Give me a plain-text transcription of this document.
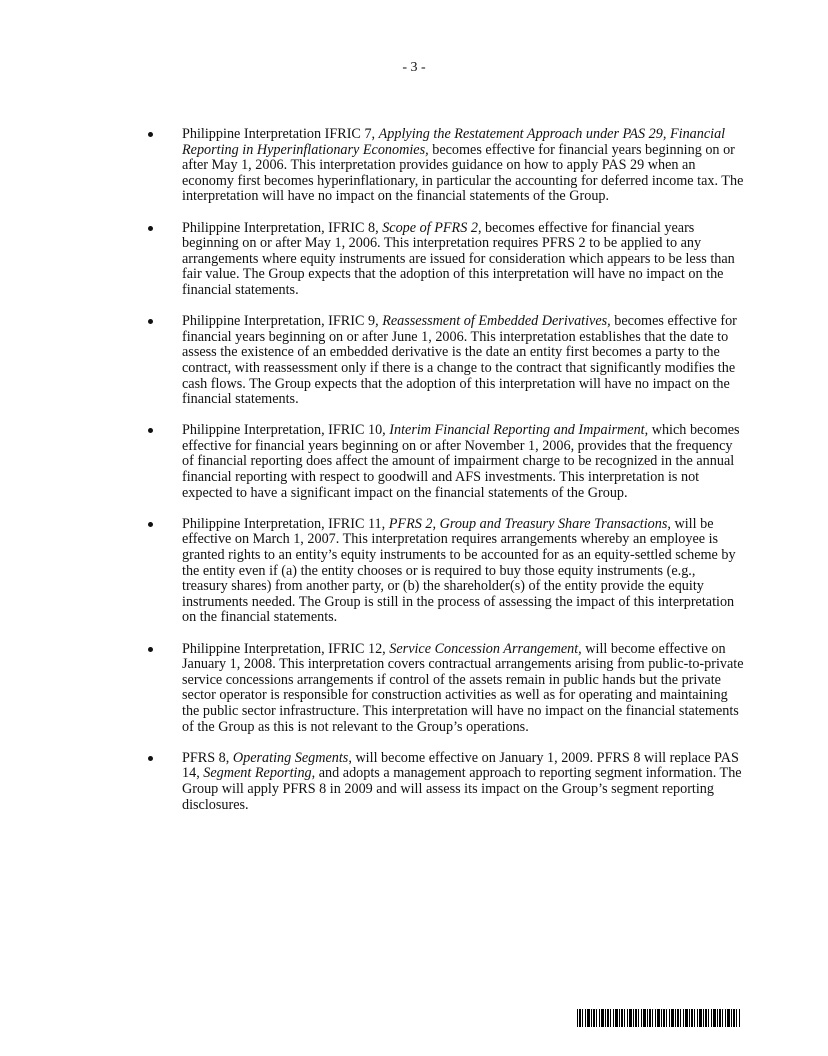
- 3 -
Philippine Interpretation IFRIC 7, Applying the Restatement Approach under PAS 29, Financial Reporting in Hyperinflationary Economies, becomes effective for financial years beginning on or after May 1, 2006. This interpretation provides guidance on how to apply PAS 29 when an economy first becomes hyperinflationary, in particular the accounting for deferred income tax. The interpretation will have no impact on the financial statements of the Group.
Philippine Interpretation, IFRIC 8, Scope of PFRS 2, becomes effective for financial years beginning on or after May 1, 2006. This interpretation requires PFRS 2 to be applied to any arrangements where equity instruments are issued for consideration which appears to be less than fair value. The Group expects that the adoption of this interpretation will have no impact on the financial statements.
Philippine Interpretation, IFRIC 9, Reassessment of Embedded Derivatives, becomes effective for financial years beginning on or after June 1, 2006. This interpretation establishes that the date to assess the existence of an embedded derivative is the date an entity first becomes a party to the contract, with reassessment only if there is a change to the contract that significantly modifies the cash flows. The Group expects that the adoption of this interpretation will have no impact on the financial statements.
Philippine Interpretation, IFRIC 10, Interim Financial Reporting and Impairment, which becomes effective for financial years beginning on or after November 1, 2006, provides that the frequency of financial reporting does affect the amount of impairment charge to be recognized in the annual financial reporting with respect to goodwill and AFS investments. This interpretation is not expected to have a significant impact on the financial statements of the Group.
Philippine Interpretation, IFRIC 11, PFRS 2, Group and Treasury Share Transactions, will be effective on March 1, 2007. This interpretation requires arrangements whereby an employee is granted rights to an entity’s equity instruments to be accounted for as an equity-settled scheme by the entity even if (a) the entity chooses or is required to buy those equity instruments (e.g., treasury shares) from another party, or (b) the shareholder(s) of the entity provide the equity instruments needed. The Group is still in the process of assessing the impact of this interpretation on the financial statements.
Philippine Interpretation, IFRIC 12, Service Concession Arrangement, will become effective on January 1, 2008. This interpretation covers contractual arrangements arising from public-to-private service concessions arrangements if control of the assets remain in public hands but the private sector operator is responsible for construction activities as well as for operating and maintaining the public sector infrastructure. This interpretation will have no impact on the financial statements of the Group as this is not relevant to the Group’s operations.
PFRS 8, Operating Segments, will become effective on January 1, 2009. PFRS 8 will replace PAS 14, Segment Reporting, and adopts a management approach to reporting segment information. The Group will apply PFRS 8 in 2009 and will assess its impact on the Group’s segment reporting disclosures.
